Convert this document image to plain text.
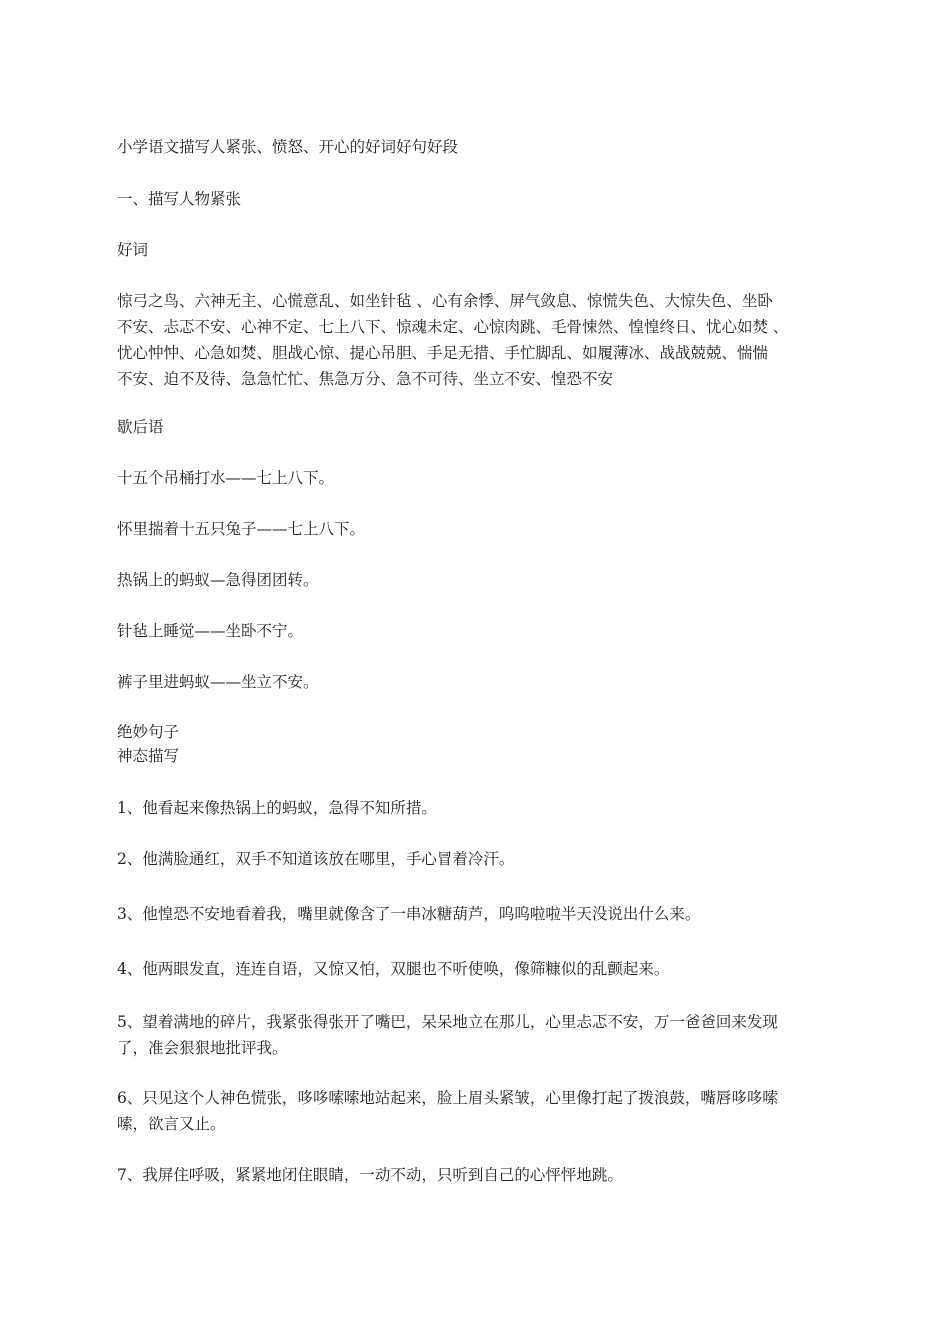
小学语文描写人紧张、愤怒、开心的好词好句好段
一、描写人物紧张
好词
惊弓之鸟、六神无主、心慌意乱、如坐针毡 、心有余悸、屏气敛息、惊慌失色、大惊失色、坐卧
不安、忐忑不安、心神不定、七上八下、惊魂未定、心惊肉跳、毛骨悚然、惶惶终日、忧心如焚 、
忧心忡忡、心急如焚、胆战心惊、提心吊胆、手足无措、手忙脚乱、如履薄冰、战战兢兢、惴惴
不安、迫不及待、急急忙忙、焦急万分、急不可待、坐立不安、惶恐不安
歇后语
十五个吊桶打水——七上八下。
怀里揣着十五只兔子——七上八下。
热锅上的蚂蚁—急得团团转。
针毡上睡觉——坐卧不宁。
裤子里进蚂蚁——坐立不安。
绝妙句子
神态描写
1、他看起来像热锅上的蚂蚁，急得不知所措。
2、他满脸通红，双手不知道该放在哪里，手心冒着冷汗。
3、他惶恐不安地看着我，嘴里就像含了一串冰糖葫芦，呜呜啦啦半天没说出什么来。
4、他两眼发直，连连自语，又惊又怕，双腿也不听使唤，像筛糠似的乱颤起来。
5、望着满地的碎片，我紧张得张开了嘴巴，呆呆地立在那儿，心里忐忑不安，万一爸爸回来发现
了，准会狠狠地批评我。
6、只见这个人神色慌张，哆哆嗦嗦地站起来，脸上眉头紧皱，心里像打起了拨浪鼓，嘴唇哆哆嗦
嗦，欲言又止。
7、我屏住呼吸，紧紧地闭住眼睛，一动不动，只听到自己的心怦怦地跳。
